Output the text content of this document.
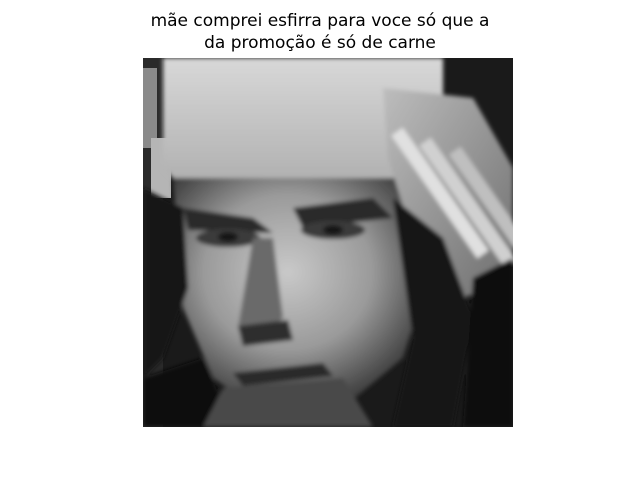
mãe comprei esfirra para voce só que a
da promoção é só de carne
